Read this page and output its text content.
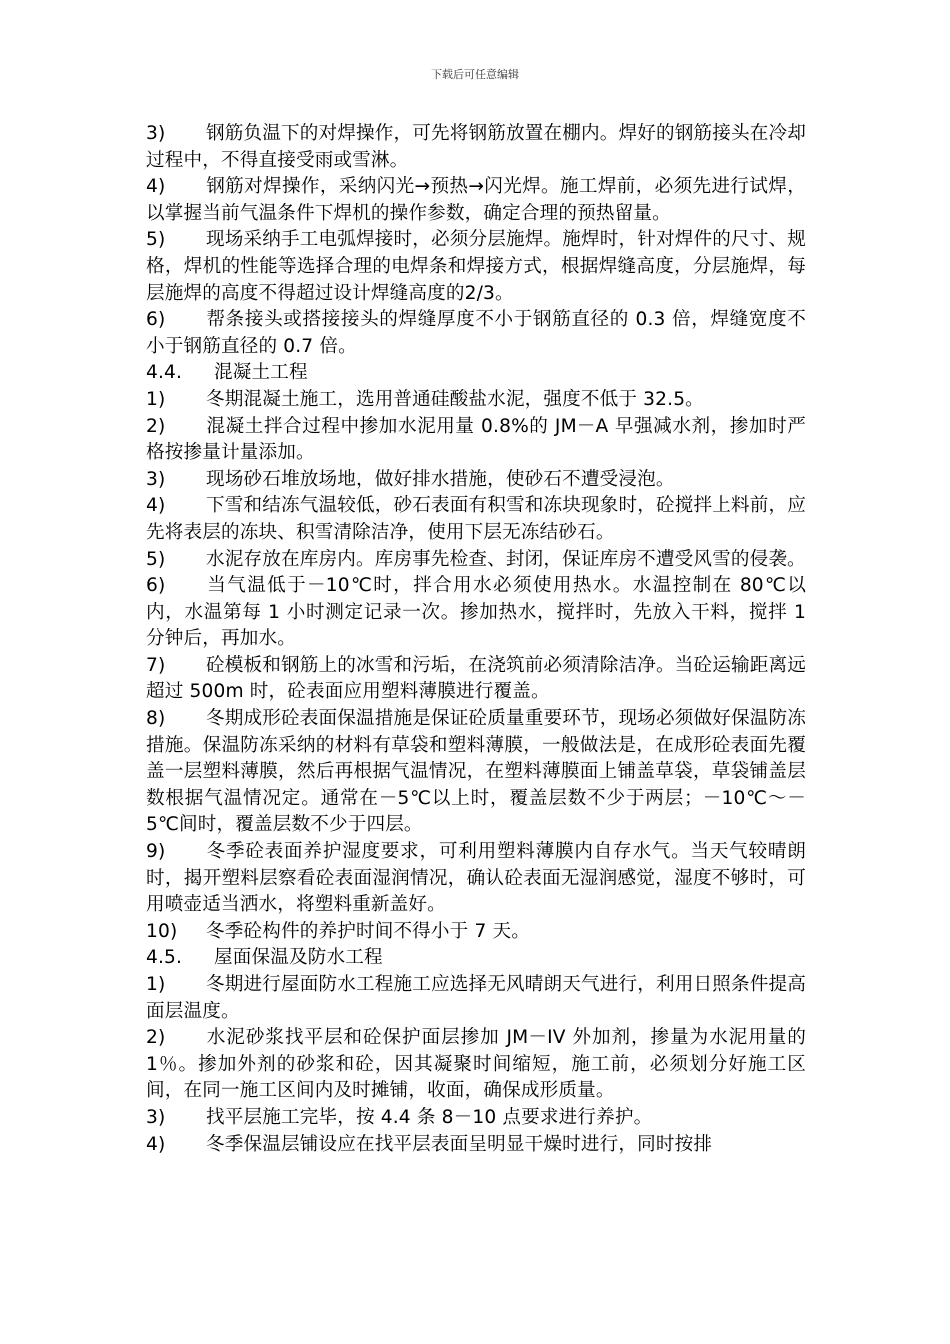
下载后可任意编辑
3) 钢筋负温下的对焊操作，可先将钢筋放置在棚内。焊好的钢筋接头在冷却过程中，不得直接受雨或雪淋。
4) 钢筋对焊操作，采纳闪光→预热→闪光焊。施工焊前，必须先进行试焊，以掌握当前气温条件下焊机的操作参数，确定合理的预热留量。
5) 现场采纳手工电弧焊接时，必须分层施焊。施焊时，针对焊件的尺寸、规格，焊机的性能等选择合理的电焊条和焊接方式，根据焊缝高度，分层施焊，每层施焊的高度不得超过设计焊缝高度的2/3。
6) 帮条接头或搭接接头的焊缝厚度不小于钢筋直径的 0.3 倍，焊缝宽度不小于钢筋直径的 0.7 倍。
4.4. 混凝土工程
1) 冬期混凝土施工，选用普通硅酸盐水泥，强度不低于 32.5。
2) 混凝土拌合过程中掺加水泥用量 0.8%的 JM－A 早强减水剂，掺加时严格按掺量计量添加。
3) 现场砂石堆放场地，做好排水措施，使砂石不遭受浸泡。
4) 下雪和结冻气温较低，砂石表面有积雪和冻块现象时，砼搅拌上料前，应先将表层的冻块、积雪清除洁净，使用下层无冻结砂石。
5) 水泥存放在库房内。库房事先检查、封闭，保证库房不遭受风雪的侵袭。
6) 当气温低于－10℃时，拌合用水必须使用热水。水温控制在 80℃以内，水温第每 1 小时测定记录一次。掺加热水，搅拌时，先放入干料，搅拌 1 分钟后，再加水。
7) 砼模板和钢筋上的冰雪和污垢，在浇筑前必须清除洁净。当砼运输距离远超过 500m 时，砼表面应用塑料薄膜进行覆盖。
8) 冬期成形砼表面保温措施是保证砼质量重要环节，现场必须做好保温防冻措施。保温防冻采纳的材料有草袋和塑料薄膜，一般做法是，在成形砼表面先覆盖一层塑料薄膜，然后再根据气温情况，在塑料薄膜面上铺盖草袋，草袋铺盖层数根据气温情况定。通常在－5℃以上时，覆盖层数不少于两层；－10℃～－5℃间时，覆盖层数不少于四层。
9) 冬季砼表面养护湿度要求，可利用塑料薄膜内自存水气。当天气较晴朗时，揭开塑料层察看砼表面湿润情况，确认砼表面无湿润感觉，湿度不够时，可用喷壶适当洒水，将塑料重新盖好。
10) 冬季砼构件的养护时间不得小于 7 天。
4.5. 屋面保温及防水工程
1) 冬期进行屋面防水工程施工应选择无风晴朗天气进行，利用日照条件提高面层温度。
2) 水泥砂浆找平层和砼保护面层掺加 JM－IV 外加剂，掺量为水泥用量的 1％。掺加外剂的砂浆和砼，因其凝聚时间缩短，施工前，必须划分好施工区间，在同一施工区间内及时摊铺，收面，确保成形质量。
3) 找平层施工完毕，按 4.4 条 8－10 点要求进行养护。
4) 冬季保温层铺设应在找平层表面呈明显干燥时进行，同时按排
